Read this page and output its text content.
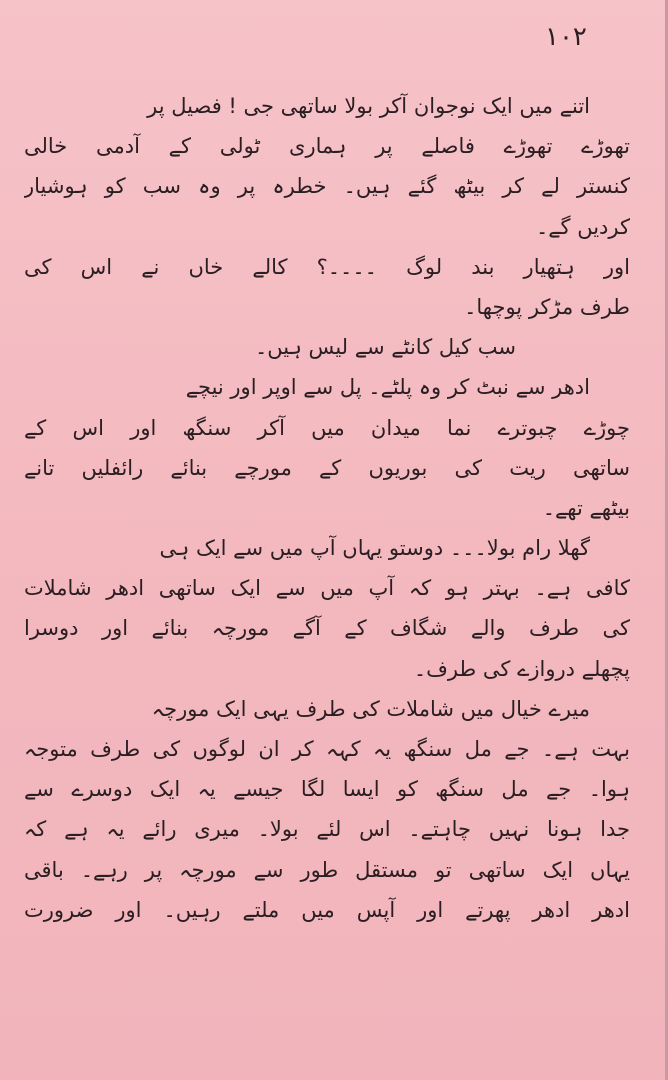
۱۰۲
اتنے میں ایک نوجوان آکر بولا ساتھی جی ! فصیل پر
تھوڑے تھوڑے فاصلے پر ہماری ٹولی کے آدمی خالی
کنستر لے کر بیٹھ گئے ہیں۔ خطرہ پر وہ سب کو ہوشیار
کردیں گے۔
اور ہتھیار بند لوگ ۔۔۔۔؟ کالے خاں نے اس کی
طرف مڑکر پوچھا۔
سب کیل کانٹے سے لیس ہیں۔
ادھر سے نبٹ کر وہ پلٹے۔ پل سے اوپر اور نیچے
چوڑے چبوترے نما میدان میں آکر سنگھ اور اس کے
ساتھی ریت کی بوریوں کے مورچے بنائے رائفلیں تانے
بیٹھے تھے۔
گھلا رام بولا۔۔۔ دوستو یہاں آپ میں سے ایک ہی
کافی ہے۔ بہتر ہو کہ آپ میں سے ایک ساتھی ادھر شاملات
کی طرف والے شگاف کے آگے مورچہ بنائے اور دوسرا
پچھلے دروازے کی طرف۔
میرے خیال میں شاملات کی طرف یہی ایک مورچہ
بہت ہے۔ جے مل سنگھ یہ کہہ کر ان لوگوں کی طرف متوجہ
ہوا۔ جے مل سنگھ کو ایسا لگا جیسے یہ ایک دوسرے سے
جدا ہونا نہیں چاہتے۔ اس لئے بولا۔ میری رائے یہ ہے کہ
یہاں ایک ساتھی تو مستقل طور سے مورچہ پر رہے۔ باقی
ادھر ادھر پھرتے اور آپس میں ملتے رہیں۔ اور ضرورت
